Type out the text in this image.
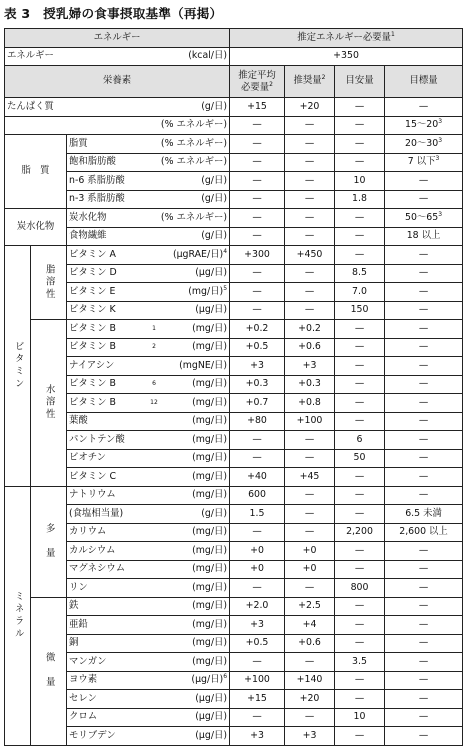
表 3　授乳婦の食事摂取基準（再掲）
エネルギー			推定エネルギー必要量$^1$

エネルギー (kcal/日)			+350			
栄養素			推定平均
必要量$^2$	推奨量$^2$	目安量	目標量

たんぱく質 (g/日)			+15	+20	—	—
(% エネルギー)			—	—	—	15〜$20^3$
脂　質		脂質 (% エネルギー)	—	—	—	20〜$30^3$

		飽和脂肪酸 (% エネルギー)	—	—	—	7 以下$^3$

		n-6 系脂肪酸 (g/日)	—	—	10	—

		n-3 系脂肪酸 (g/日)	—	—	1.8	—
炭水化物		炭水化物 (% エネルギー)	—	—	—	50〜$65^3$

		食物繊維 (g/日)	—	—	—	18 以上
ビタミン	脂溶性	ビタミン A (µgRAE/日)$^4$	+300	+450	—	—

		ビタミン D (µg/日)	—	—	8.5	—

		ビタミン E (mg/日)$^5$	—	—	7.0	—

		ビタミン K (µg/日)	—	—	150	—
	水溶性	ビタミン B $_1$ (mg/日)	+0.2	+0.2	—	—

		ビタミン B $_2$ (mg/日)	+0.5	+0.6	—	—

		ナイアシン (mgNE/日)	+3	+3	—	—

		ビタミン B $_6$ (mg/日)	+0.3	+0.3	—	—

		ビタミン B $_{12}$ (mg/日)	+0.7	+0.8	—	—

		葉酸 (mg/日)	+80	+100	—	—

		パントテン酸 (mg/日)	—	—	6	—

		ビオチン (mg/日)	—	—	50	—

		ビタミン C (mg/日)	+40	+45	—	—
ミネラル	多　量	ナトリウム (mg/日)	600	—	—	—

		(食塩相当量) (g/日)	1.5	—	—	6.5 未満

		カリウム (mg/日)	—	—	2,200	2,600 以上

		カルシウム (mg/日)	+0	+0	—	—

		マグネシウム (mg/日)	+0	+0	—	—

		リン (mg/日)	—	—	800	—
	微　量	鉄 (mg/日)	+2.0	+2.5	—	—

		亜鉛 (mg/日)	+3	+4	—	—

		銅 (mg/日)	+0.5	+0.6	—	—

		マンガン (mg/日)	—	—	3.5	—

		ヨウ素 (µg/日)$^6$	+100	+140	—	—

		セレン (µg/日)	+15	+20	—	—

		クロム (µg/日)	—	—	10	—

		モリブデン (µg/日)	+3	+3	—	—
